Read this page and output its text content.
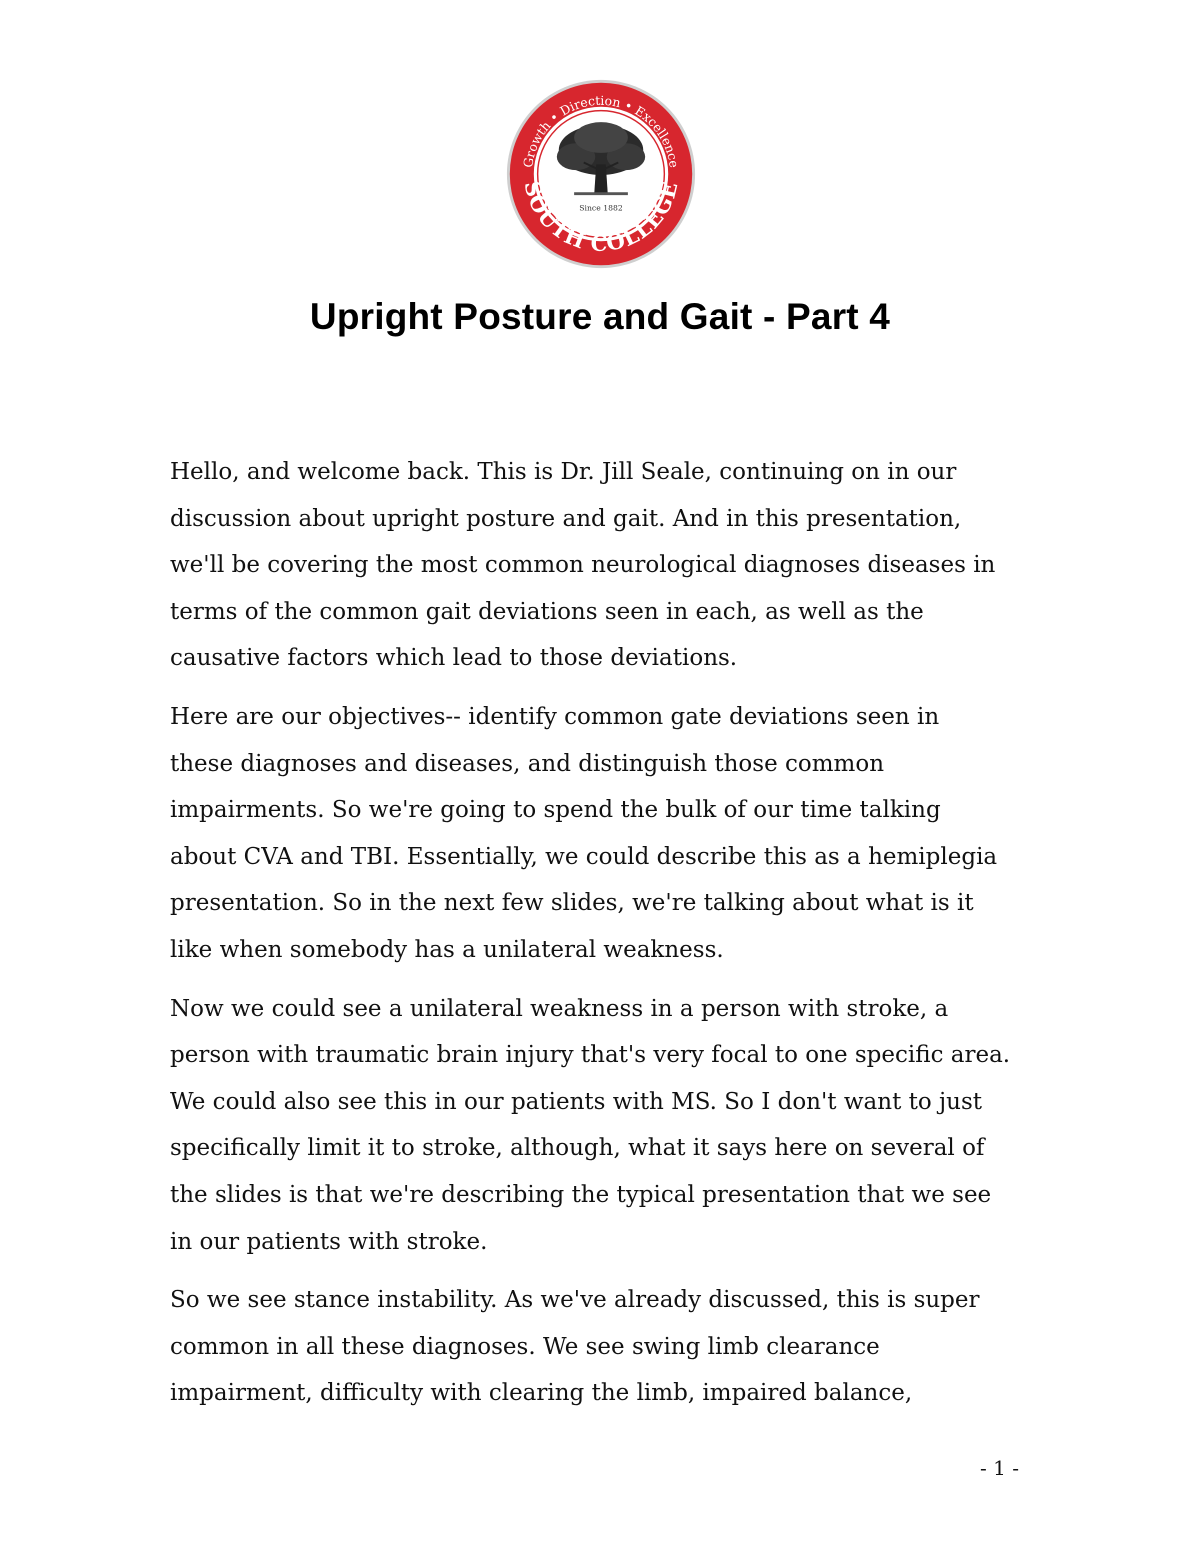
Growth • Direction • Excellence
SOUTH COLLEGE
Since 1882
Upright Posture and Gait - Part 4

Hello, and welcome back. This is Dr. Jill Seale, continuing on in our
discussion about upright posture and gait. And in this presentation,
we'll be covering the most common neurological diagnoses diseases in
terms of the common gait deviations seen in each, as well as the
causative factors which lead to those deviations.

Here are our objectives-- identify common gate deviations seen in
these diagnoses and diseases, and distinguish those common
impairments. So we're going to spend the bulk of our time talking
about CVA and TBI. Essentially, we could describe this as a hemiplegia
presentation. So in the next few slides, we're talking about what is it
like when somebody has a unilateral weakness.

Now we could see a unilateral weakness in a person with stroke, a
person with traumatic brain injury that's very focal to one specific area.
We could also see this in our patients with MS. So I don't want to just
specifically limit it to stroke, although, what it says here on several of
the slides is that we're describing the typical presentation that we see
in our patients with stroke.

So we see stance instability. As we've already discussed, this is super
common in all these diagnoses. We see swing limb clearance
impairment, difficulty with clearing the limb, impaired balance,

- 1 -
